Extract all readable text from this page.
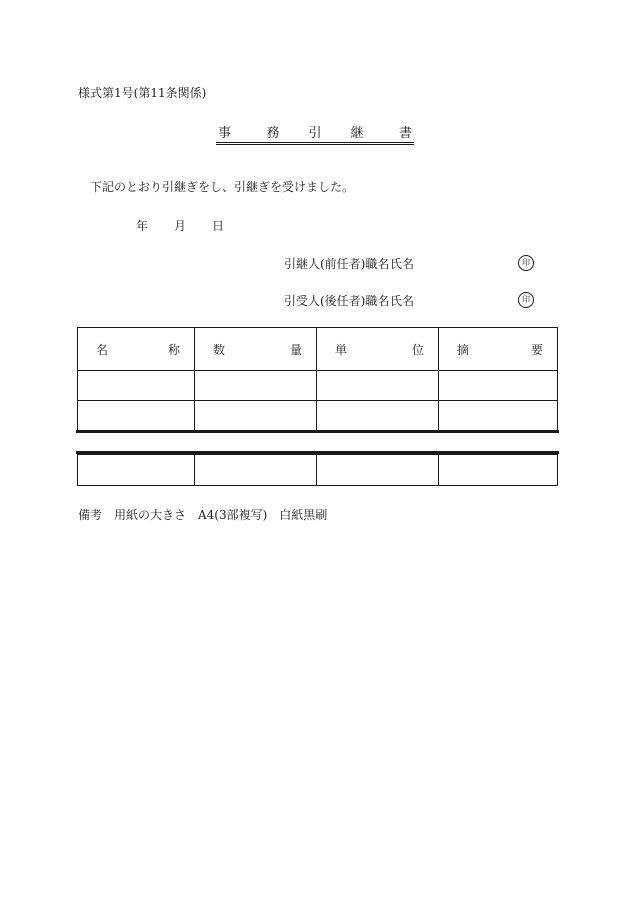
様式第1号(第11条関係)
事	務 引 継	書
下記のとおり引継ぎをし、引継ぎを受けました。
年 月 日
引継人(前任者)職名氏名	印
引受人(後任者)職名氏名	印
名 称	数 量	単 位	摘 要

備考　用紙の大きさ　A4(3部複写)　白紙黒刷
